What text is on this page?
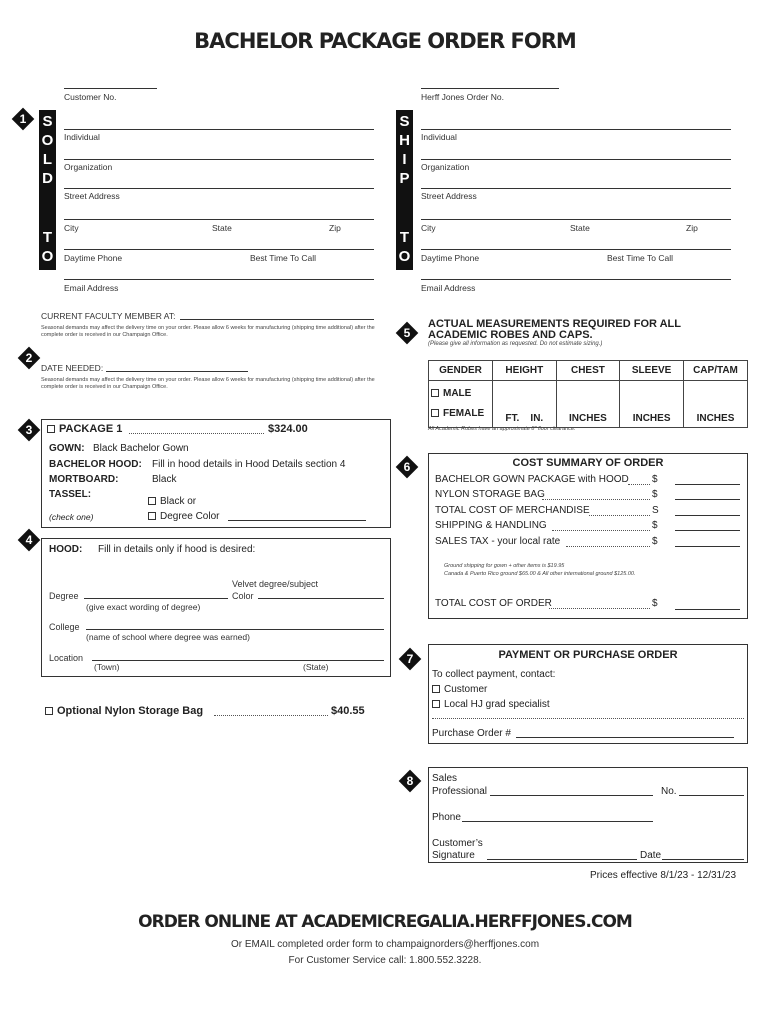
BACHELOR PACKAGE ORDER FORM
1	S
O
L
D
T
O
Customer No.
Individual
Organization
Street Address
City	State	Zip
Daytime Phone	Best Time To Call
Email Address
S
H
I
P
T
O
Herff Jones Order No.
Individual
Organization
Street Address
City	State	Zip
Daytime Phone	Best Time To Call
Email Address
CURRENT FACULTY MEMBER AT:
Seasonal demands may affect the delivery time on your order. Please allow 6 weeks for manufacturing (shipping time additional) after the complete order is received in our Champaign Office.
2
DATE NEEDED:
Seasonal demands may affect the delivery time on your order. Please allow 6 weeks for manufacturing (shipping time additional) after the complete order is received in our Champaign Office.
3	PACKAGE 1	$324.00
GOWN: Black Bachelor Gown
BACHELOR HOOD: Fill in hood details in Hood Details section 4
MORTBOARD:	Black
TASSEL:
Black or
Degree Color
(check one)
4
HOOD: Fill in details only if hood is desired:
Velvet degree/subject
Degree	Color
(give exact wording of degree)
College
(name of school where degree was earned)
Location
(Town)	(State)
Optional Nylon Storage Bag	$40.55
5
ACTUAL MEASUREMENTS REQUIRED FOR ALL
ACADEMIC ROBES AND CAPS.
(Please give all information as requested. Do not estimate sizing.)
GENDER	HEIGHT	CHEST	SLEEVE	CAP/TAM

MALE
FEMALE	FT. IN.	INCHES	INCHES	INCHES
All Academic Robes have an approximate 8" floor clearance.
6	COST SUMMARY OF ORDER
BACHELOR GOWN PACKAGE with HOOD $
NYLON STORAGE BAG	$
TOTAL COST OF MERCHANDISE	S
SHIPPING & HANDLING	$
SALES TAX - your local rate	$
Ground shipping for gown + other items is $19.95
Canada & Puerto Rico ground $65.00 & All other international ground $125.00.
TOTAL COST OF ORDER	$
7	PAYMENT OR PURCHASE ORDER
To collect payment, contact:
Customer
Local HJ grad specialist
Purchase Order #
8	Sales
Professional	No.
Phone
Customer’s
Signature	Date
Prices effective 8/1/23 - 12/31/23
ORDER ONLINE AT ACADEMICREGALIA.HERFFJONES.COM
Or EMAIL completed order form to champaignorders@herffjones.com
For Customer Service call: 1.800.552.3228.
